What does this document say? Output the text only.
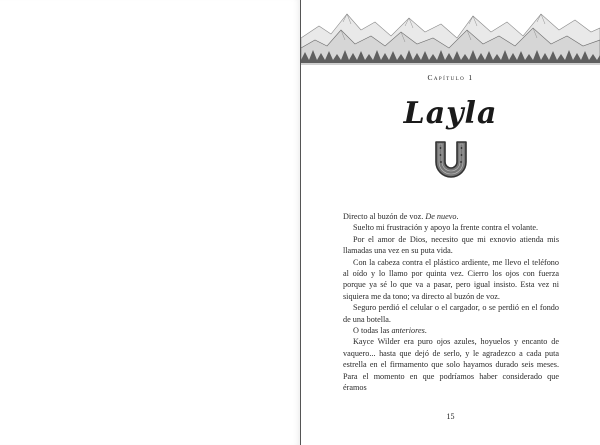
Capítulo 1
Layla

Directo al buzón de voz. De nuevo.

Suelto mi frustración y apoyo la frente contra el volante.

Por el amor de Dios, necesito que mi exnovio atienda mis llamadas una vez en su puta vida.

Con la cabeza contra el plástico ardiente, me llevo el teléfono al oído y lo llamo por quinta vez. Cierro los ojos con fuerza porque ya sé lo que va a pasar, pero igual insisto. Esta vez ni siquiera me da tono; va directo al buzón de voz.

Seguro perdió el celular o el cargador, o se perdió en el fondo de una botella.

O todas las anteriores.

Kayce Wilder era puro ojos azules, hoyuelos y encanto de vaquero... hasta que dejó de serlo, y le agradezco a cada puta estrella en el firmamento que solo hayamos durado seis meses. Para el momento en que podríamos haber considerado que éramos

15
